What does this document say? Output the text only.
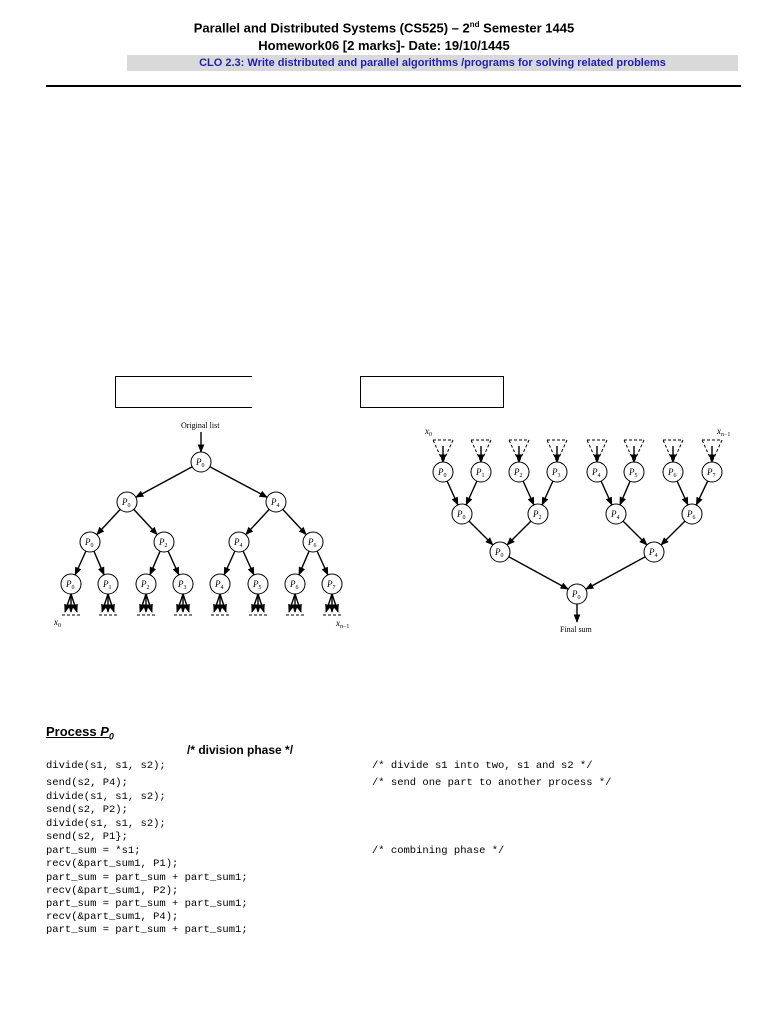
Parallel and Distributed Systems (CS525) – 2nd Semester 1445
Homework06 [2 marks]- Date: 19/10/1445
CLO 2.3: Write distributed and parallel algorithms /programs for solving related problems
Original list
$P_0$
$P_0$	$P_4$
$P_0$	$P_2$	$P_4$	$P_6$
$P_0$	$P_1$	$P_2$	$P_3$	$P_4$	$P_5$	$P_6$	$P_7$
$x_0$	$x_{n-1}$
$x_0$	$x_{n-1}$
$P_0$	$P_1$	$P_2$	$P_3$	$P_4$	$P_5$	$P_6$	$P_7$
$P_0$	$P_2$	$P_4$	$P_6$
$P_0$	$P_4$
$P_0$
Final sum
Process $P_0$
/* division phase */
divide(s1, s1, s2);
send(s2, P4);
divide(s1, s1, s2);
send(s2, P2);
divide(s1, s1, s2);
send(s2, P1};
part_sum = *s1;
recv(&part_sum1, P1);
part_sum = part_sum + part_sum1;
recv(&part_sum1, P2);
part_sum = part_sum + part_sum1;
recv(&part_sum1, P4);
part_sum = part_sum + part_sum1;
/* divide s1 into two, s1 and s2 */
/* send one part to another process */
/* combining phase */
